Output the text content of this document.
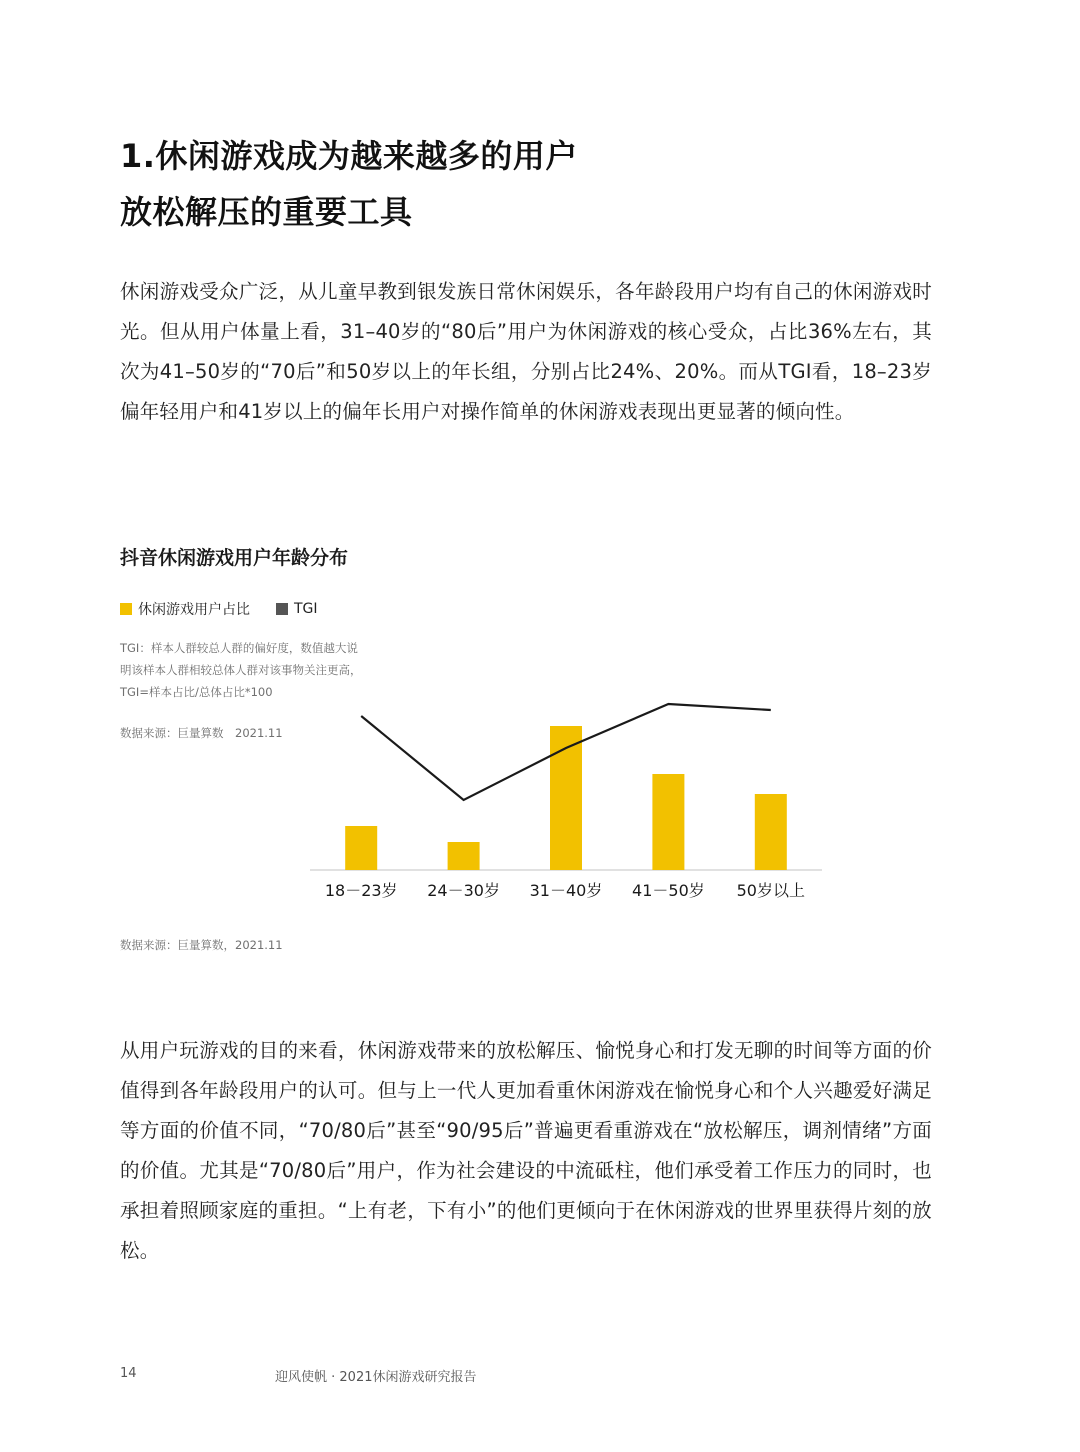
1.休闲游戏成为越来越多的用户
放松解压的重要工具
休闲游戏受众广泛，从儿童早教到银发族日常休闲娱乐，各年龄段用户均有自己的休闲游戏时光。但从用户体量上看，31–40岁的“80后”用户为休闲游戏的核心受众，占比36%左右，其次为41–50岁的“70后”和50岁以上的年长组，分别占比24%、20%。而从TGI看，18–23岁偏年轻用户和41岁以上的偏年长用户对操作简单的休闲游戏表现出更显著的倾向性。
抖音休闲游戏用户年龄分布
休闲游戏用户占比	TGI
TGI：样本人群较总人群的偏好度，数值越大说
明该样本人群相较总体人群对该事物关注更高，
TGI=样本占比/总体占比*100
数据来源：巨量算数　2021.11
18－23岁 24－30岁 31－40岁 41－50岁 50岁以上
数据来源：巨量算数，2021.11
从用户玩游戏的目的来看，休闲游戏带来的放松解压、愉悦身心和打发无聊的时间等方面的价值得到各年龄段用户的认可。但与上一代人更加看重休闲游戏在愉悦身心和个人兴趣爱好满足等方面的价值不同，“70/80后”甚至“90/95后”普遍更看重游戏在“放松解压，调剂情绪”方面的价值。尤其是“70/80后”用户，作为社会建设的中流砥柱，他们承受着工作压力的同时，也承担着照顾家庭的重担。“上有老，下有小”的他们更倾向于在休闲游戏的世界里获得片刻的放松。
14	迎风使帆 · 2021休闲游戏研究报告
